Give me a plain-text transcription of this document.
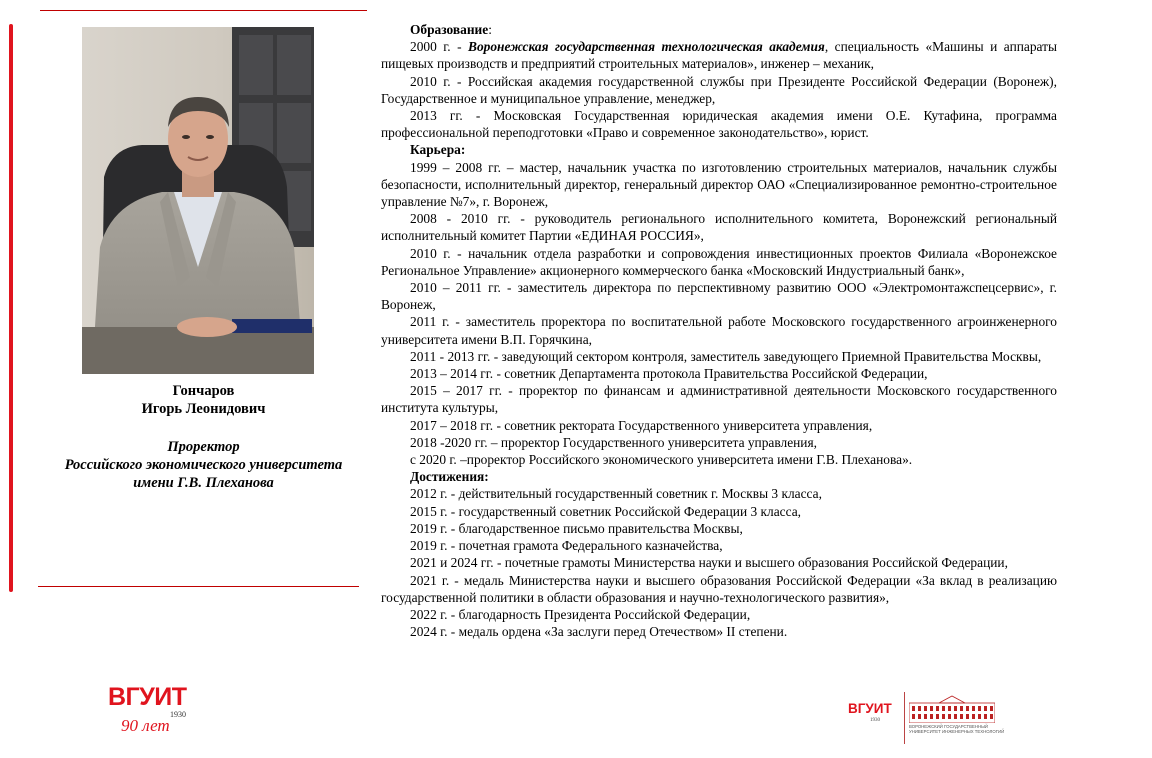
Гончаров
Игорь Леонидович
Проректор
Российского экономического университета
имени Г.В. Плеханова
ВГУИТ
1930
90 лет
ВГУИТ
1930
ВОРОНЕЖСКИЙ ГОСУДАРСТВЕННЫЙ УНИВЕРСИТЕТ ИНЖЕНЕРНЫХ ТЕХНОЛОГИЙ

Образование:

2000 г. - Воронежская государственная технологическая академия, специальность «Машины и аппараты пищевых производств и предприятий строительных материалов», инженер – механик,

2010 г. - Российская академия государственной службы при Президенте Российской Федерации (Воронеж), Государственное и муниципальное управление, менеджер,

2013 гг. - Московская Государственная юридическая академия имени О.Е. Кутафина, программа профессиональной переподготовки «Право и современное законодательство», юрист.

Карьера:

1999 – 2008 гг. – мастер, начальник участка по изготовлению строительных материалов, начальник службы безопасности, исполнительный директор, генеральный директор ОАО «Специализированное ремонтно-строительное управление №7», г. Воронеж,

2008 - 2010 гг. - руководитель регионального исполнительного комитета, Воронежский региональный исполнительный комитет Партии «ЕДИНАЯ РОССИЯ»,

2010 г. - начальник отдела разработки и сопровождения инвестиционных проектов Филиала «Воронежское Региональное Управление» акционерного коммерческого банка «Московский Индустриальный банк»,

2010 – 2011 гг. - заместитель директора по перспективному развитию ООО «Электромонтажспецсервис», г. Воронеж,

2011 г. - заместитель проректора по воспитательной работе Московского государственного агроинженерного университета имени В.П. Горячкина,

2011 - 2013 гг. - заведующий сектором контроля, заместитель заведующего Приемной Правительства Москвы,

2013 – 2014 гг. - советник Департамента протокола Правительства Российской Федерации,

2015 – 2017 гг. - проректор по финансам и административной деятельности Московского государственного института культуры,

2017 – 2018 гг. - советник ректората Государственного университета управления,

2018 -2020 гг. – проректор Государственного университета управления,

с 2020 г. –проректор Российского экономического университета имени Г.В. Плеханова».

Достижения:

2012 г. - действительный государственный советник г. Москвы 3 класса,

2015 г. - государственный советник Российской Федерации 3 класса,

2019 г. - благодарственное письмо правительства Москвы,

2019 г. - почетная грамота Федерального казначейства,

2021 и 2024 гг. - почетные грамоты Министерства науки и высшего образования Российской Федерации,

2021 г. - медаль Министерства науки и высшего образования Российской Федерации «За вклад в реализацию государственной политики в области образования и научно-технологического развития»,

2022 г. - благодарность Президента Российской Федерации,

2024 г. - медаль ордена «За заслуги перед Отечеством» II степени.
